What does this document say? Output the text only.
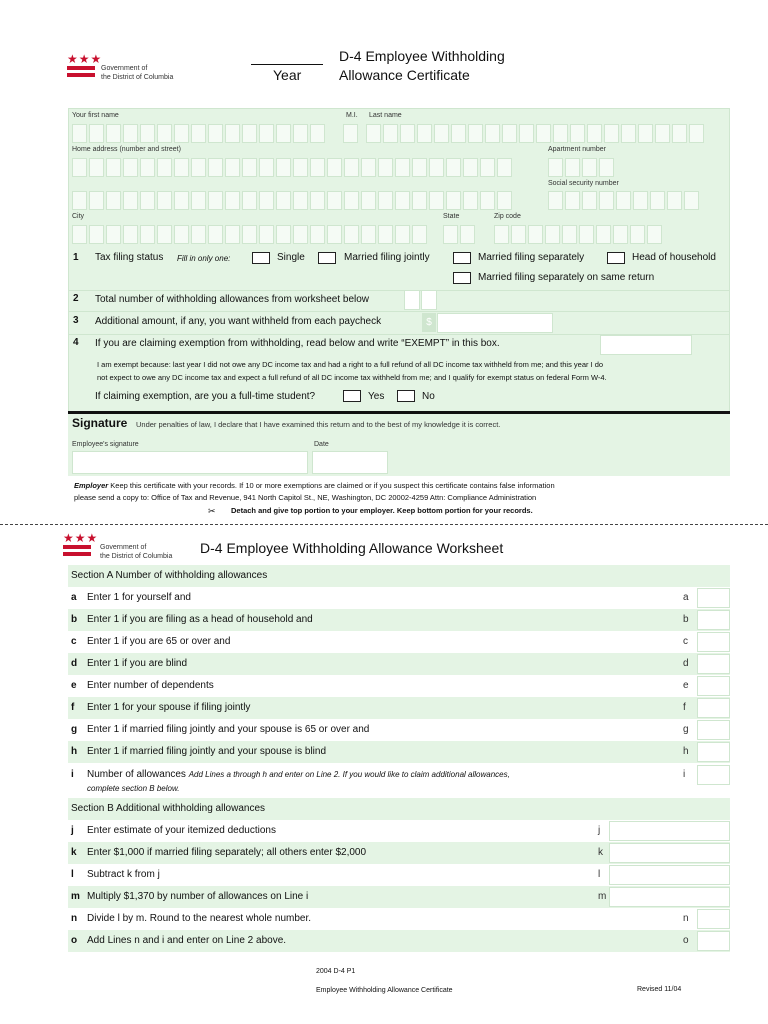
★★★
Government of
the District of Columbia	Year
D-4 Employee Withholding
Allowance Certificate
Your first name	M.I. Last name
Home address (number and street)	Apartment number
Social security number
City	State	Zip code
1 Tax filing status Fill in only one:	Single	Married filing jointly	Married filing separately	Head of household
Married filing separately on same return
2 Total number of withholding allowances from worksheet below
3 Additional amount, if any, you want withheld from each paycheck	$
4 If you are claiming exemption from withholding, read below and write “EXEMPT” in this box.
I am exempt because: last year I did not owe any DC income tax and had a right to a full refund of all DC income tax withheld from me; and this year I do
not expect to owe any DC income tax and expect a full refund of all DC income tax withheld from me; and I qualify for exempt status on federal Form W-4.
If claiming exemption, are you a full-time student?	Yes	No
Signature Under penalties of law, I declare that I have examined this return and to the best of my knowledge it is correct.
Employee's signature	Date
Employer Keep this certificate with your records. If 10 or more exemptions are claimed or if you suspect this certificate contains false information
please send a copy to: Office of Tax and Revenue, 941 North Capitol St., NE, Washington, DC 20002-4259 Attn: Compliance Administration
✂ Detach and give top portion to your employer. Keep bottom portion for your records.
★★★
Government of
the District of Columbia
D-4 Employee Withholding Allowance Worksheet
Section A Number of withholding allowances
a Enter 1 for yourself and	a
b Enter 1 if you are filing as a head of household and	b
c Enter 1 if you are 65 or over and	c
d Enter 1 if you are blind	d
e Enter number of dependents	e
f Enter 1 for your spouse if filing jointly	f
g Enter 1 if married filing jointly and your spouse is 65 or over and	g
h Enter 1 if married filing jointly and your spouse is blind	h
i Number of allowances Add Lines a through h and enter on Line 2. If you would like to claim additional allowances,
complete section B below.
i
Section B Additional withholding allowances
j Enter estimate of your itemized deductions	j
k Enter $1,000 if married filing separately; all others enter $2,000	k
l Subtract k from j	l
m Multiply $1,370 by number of allowances on Line i	m
n Divide l by m. Round to the nearest whole number.	n
o Add Lines n and i and enter on Line 2 above.	o
2004 D-4 P1
Employee Withholding Allowance Certificate	Revised 11/04
